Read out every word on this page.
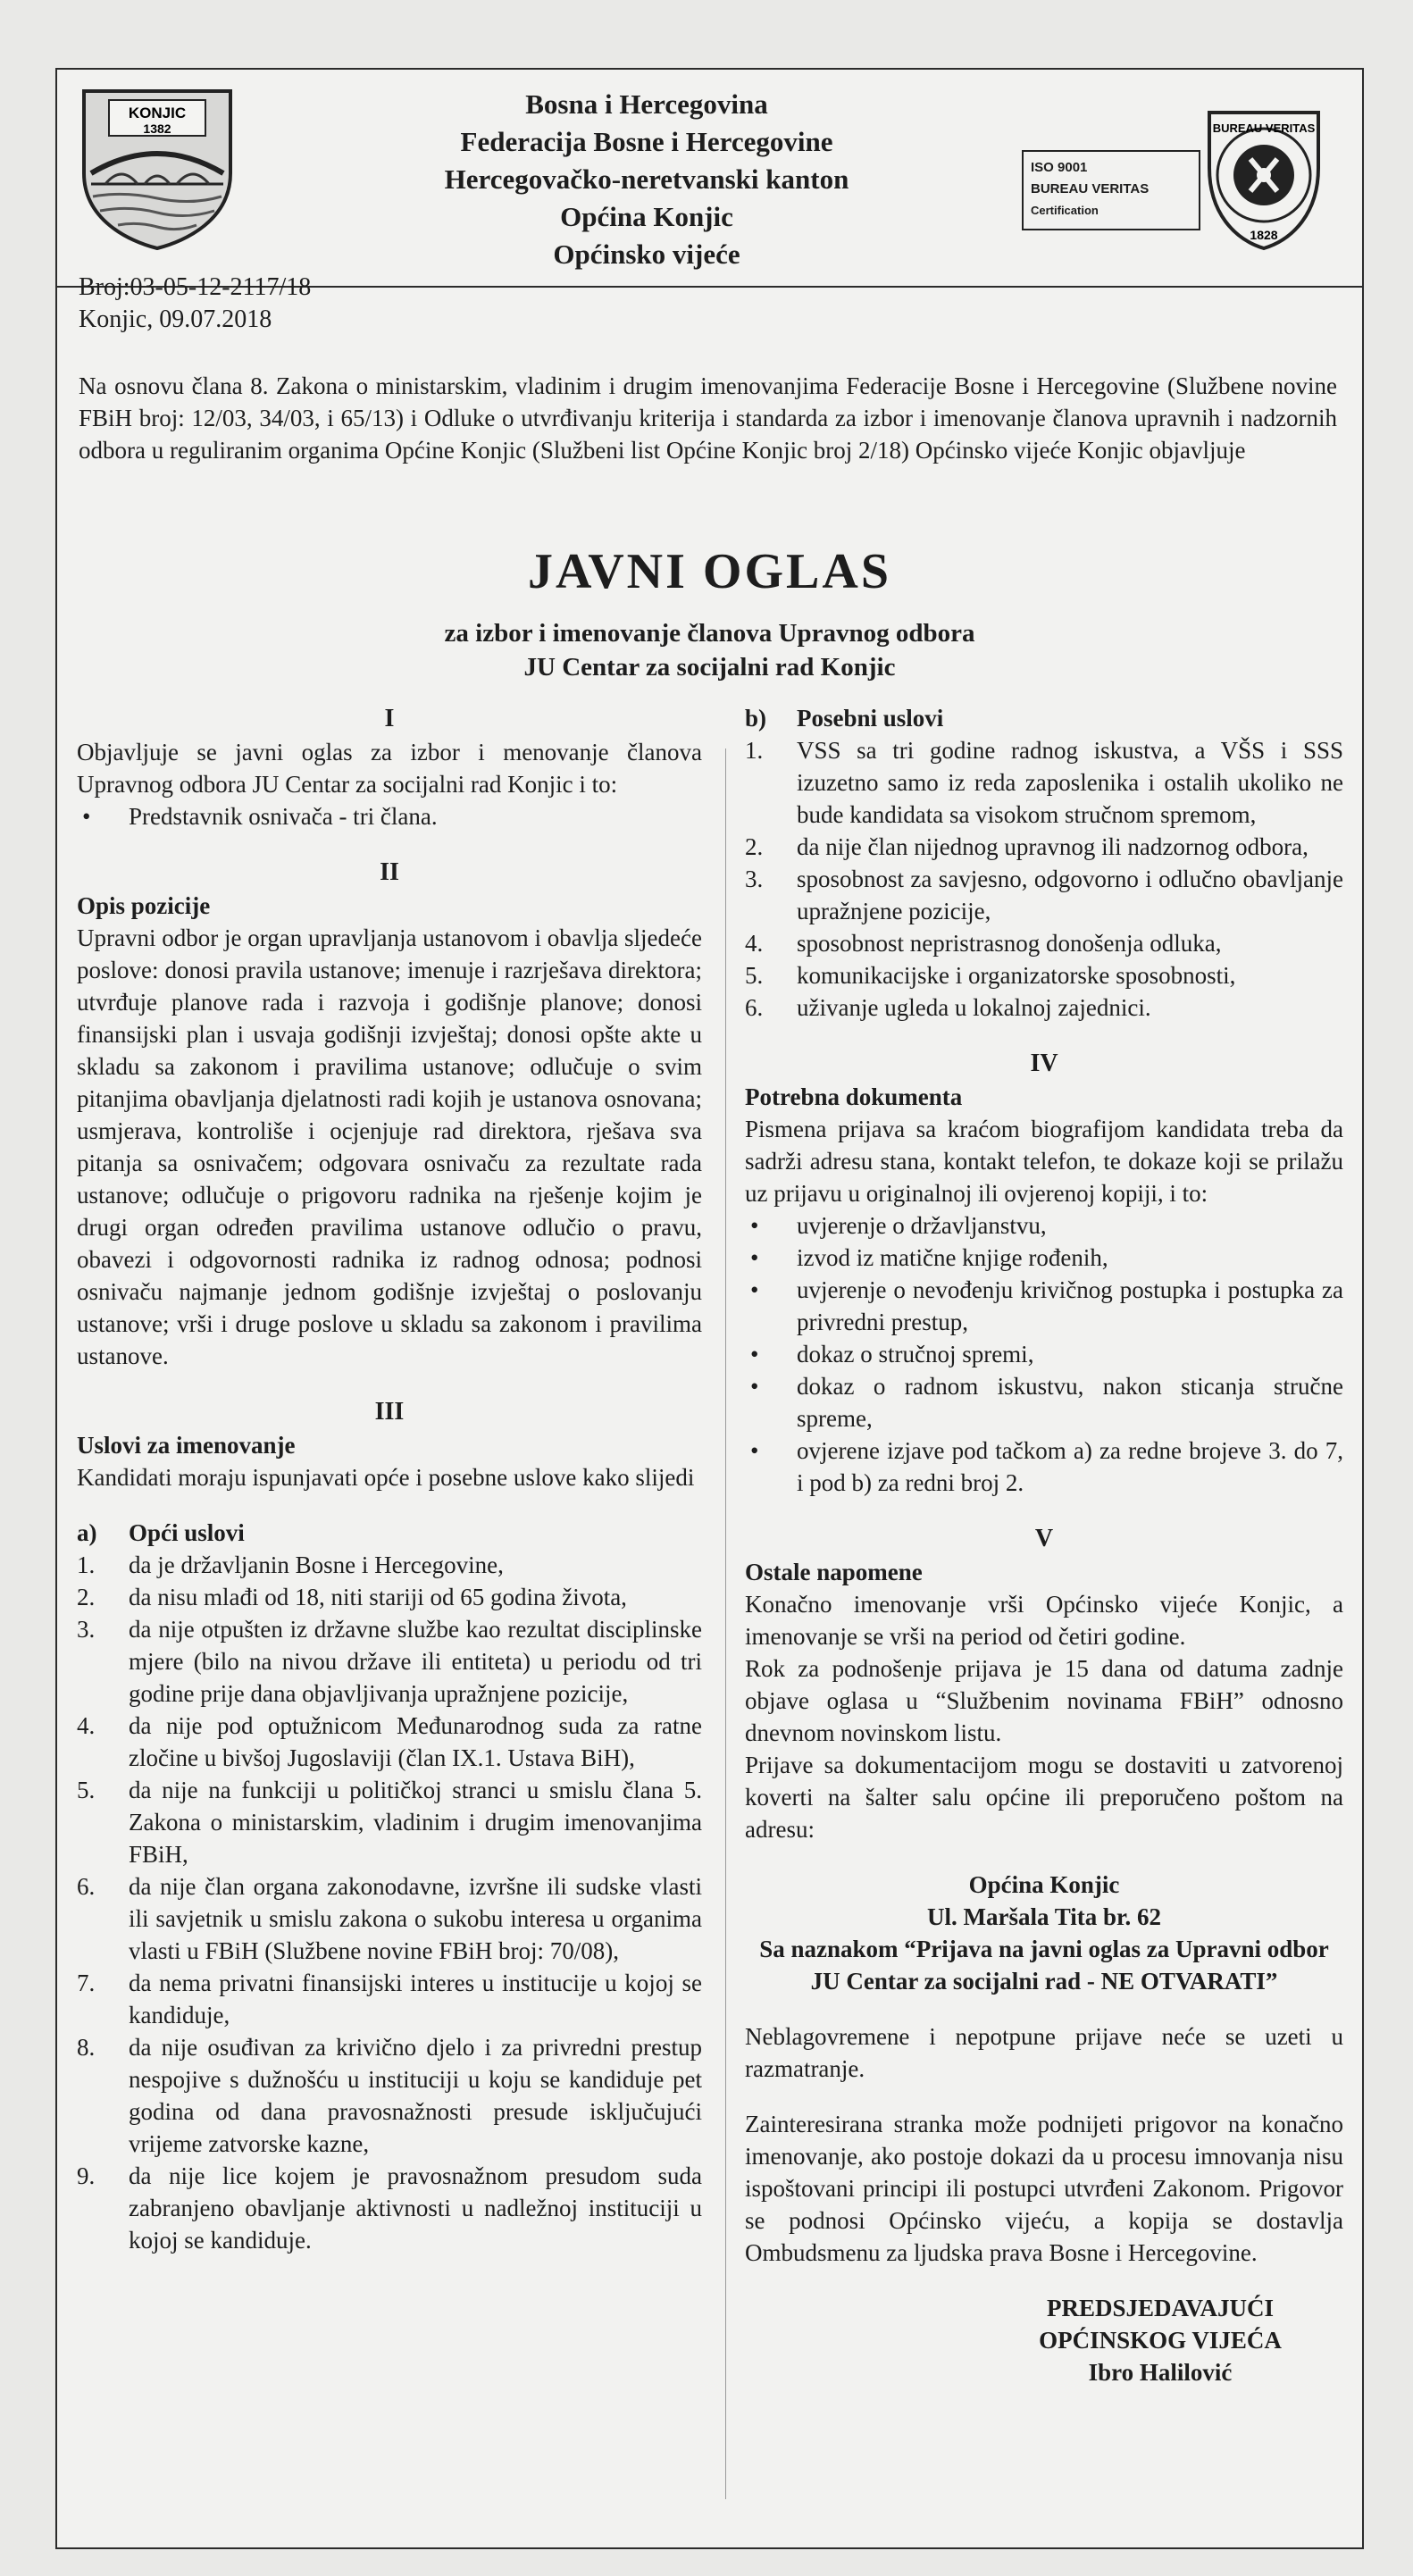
KONJIC
1382
Bosna i Hercegovina
Federacija Bosne i Hercegovine
Hercegovačko-neretvanski kanton
Općina Konjic
Općinsko vijeće
ISO 9001
BUREAU VERITAS
Certification
BUREAU VERITAS
1828
Broj:03-05-12-2117/18
Konjic, 09.07.2018
Na osnovu člana 8. Zakona o ministarskim, vladinim i drugim imenovanjima Federacije Bosne i Hercegovine (Službene novine FBiH broj: 12/03, 34/03, i 65/13) i Odluke o utvrđivanju kriterija i standarda za izbor i imenovanje članova upravnih i nadzornih odbora u reguliranim organima Općine Konjic (Službeni list Općine Konjic broj 2/18) Općinsko vijeće Konjic objavljuje
JAVNI OGLAS
za izbor i imenovanje članova Upravnog odbora
JU Centar za socijalni rad Konjic
I
Objavljuje se javni oglas za izbor i menovanje članova Upravnog odbora JU Centar za socijalni rad Konjic i to:
• Predstavnik osnivača - tri člana.
II
Opis pozicije
Upravni odbor je organ upravljanja ustanovom i obavlja sljedeće poslove: donosi pravila ustanove; imenuje i razrješava direktora; utvrđuje planove rada i razvoja i godišnje planove; donosi finansijski plan i usvaja godišnji izvještaj; donosi opšte akte u skladu sa zakonom i pravilima ustanove; odlučuje o svim pitanjima obavljanja djelatnosti radi kojih je ustanova osnovana; usmjerava, kontroliše i ocjenjuje rad direktora, rješava sva pitanja sa osnivačem; odgovara osnivaču za rezultate rada ustanove; odlučuje o prigovoru radnika na rješenje kojim je drugi organ određen pravilima ustanove odlučio o pravu, obavezi i odgovornosti radnika iz radnog odnosa; podnosi osnivaču najmanje jednom godišnje izvještaj o poslovanju ustanove; vrši i druge poslove u skladu sa zakonom i pravilima ustanove.
III
Uslovi za imenovanje
Kandidati moraju ispunjavati opće i posebne uslove kako slijedi
a) Opći uslovi
1. da je državljanin Bosne i Hercegovine,
2. da nisu mlađi od 18, niti stariji od 65 godina života,
3. da nije otpušten iz državne službe kao rezultat disciplinske mjere (bilo na nivou države ili entiteta) u periodu od tri godine prije dana objavljivanja upražnjene pozicije,
4. da nije pod optužnicom Međunarodnog suda za ratne zločine u bivšoj Jugoslaviji (član IX.1. Ustava BiH),
5. da nije na funkciji u političkoj stranci u smislu člana 5. Zakona o ministarskim, vladinim i drugim imenovanjima FBiH,
6. da nije član organa zakonodavne, izvršne ili sudske vlasti ili savjetnik u smislu zakona o sukobu interesa u organima vlasti u FBiH (Službene novine FBiH broj: 70/08),
7. da nema privatni finansijski interes u institucije u kojoj se kandiduje,
8. da nije osuđivan za krivično djelo i za privredni prestup nespojive s dužnošću u instituciji u koju se kandiduje pet godina od dana pravosnažnosti presude isključujući vrijeme zatvorske kazne,
9. da nije lice kojem je pravosnažnom presudom suda zabranjeno obavljanje aktivnosti u nadležnoj instituciji u kojoj se kandiduje.
b) Posebni uslovi
1. VSS sa tri godine radnog iskustva, a VŠS i SSS izuzetno samo iz reda zaposlenika i ostalih ukoliko ne bude kandidata sa visokom stručnom spremom,
2. da nije član nijednog upravnog ili nadzornog odbora,
3. sposobnost za savjesno, odgovorno i odlučno obavljanje upražnjene pozicije,
4. sposobnost nepristrasnog donošenja odluka,
5. komunikacijske i organizatorske sposobnosti,
6. uživanje ugleda u lokalnoj zajednici.
IV
Potrebna dokumenta
Pismena prijava sa kraćom biografijom kandidata treba da sadrži adresu stana, kontakt telefon, te dokaze koji se prilažu uz prijavu u originalnoj ili ovjerenoj kopiji, i to:
• uvjerenje o državljanstvu,
• izvod iz matične knjige rođenih,
• uvjerenje o nevođenju krivičnog postupka i postupka za privredni prestup,
• dokaz o stručnoj spremi,
• dokaz o radnom iskustvu, nakon sticanja stručne spreme,
• ovjerene izjave pod tačkom a) za redne brojeve 3. do 7, i pod b) za redni broj 2.
V
Ostale napomene
Konačno imenovanje vrši Općinsko vijeće Konjic, a imenovanje se vrši na period od četiri godine.
Rok za podnošenje prijava je 15 dana od datuma zadnje objave oglasa u “Službenim novinama FBiH” odnosno dnevnom novinskom listu.
Prijave sa dokumentacijom mogu se dostaviti u zatvorenoj koverti na šalter salu općine ili preporučeno poštom na adresu:
Općina Konjic
Ul. Maršala Tita br. 62
Sa naznakom “Prijava na javni oglas za Upravni odbor JU Centar za socijalni rad - NE OTVARATI”
Neblagovremene i nepotpune prijave neće se uzeti u razmatranje.
Zainteresirana stranka može podnijeti prigovor na konačno imenovanje, ako postoje dokazi da u procesu imnovanja nisu ispoštovani principi ili postupci utvrđeni Zakonom. Prigovor se podnosi Općinsko vijeću, a kopija se dostavlja Ombudsmenu za ljudska prava Bosne i Hercegovine.
PREDSJEDAVAJUĆI
OPĆINSKOG VIJEĆA
Ibro Halilović
